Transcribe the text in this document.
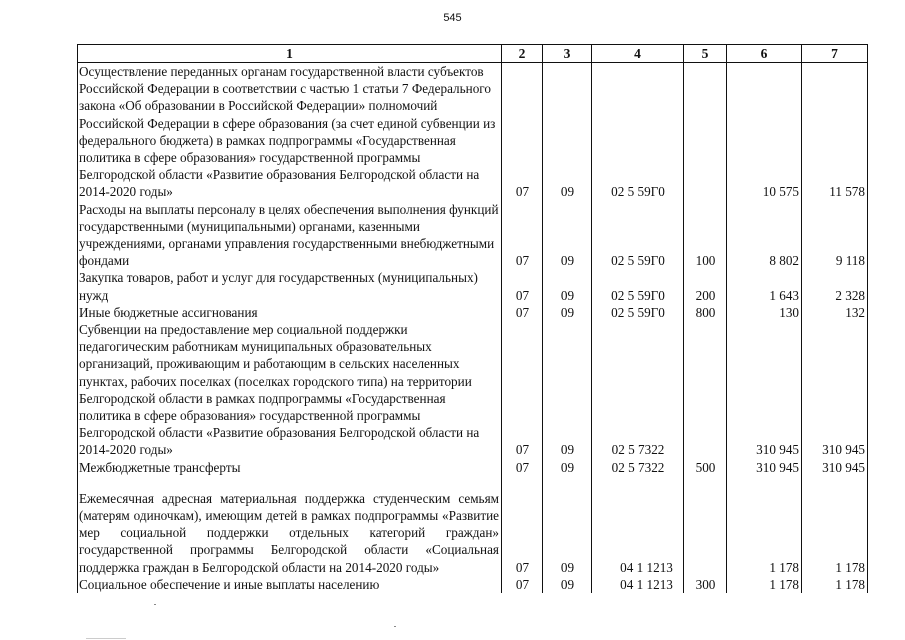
545
1	2	3	4	5	6	7
Осуществление переданных органам государственной власти субъектов Российской Федерации в соответствии с частью 1 статьи 7 Федерального закона «Об образовании в Российской Федерации» полномочий Российской Федерации в сфере образования (за счет единой субвенции из федерального бюджета) в рамках подпрограммы «Государственная политика в сфере образования» государственной программы Белгородской области «Развитие образования Белгородской области на 2014-2020 годы»	07	09	02 5 59Г0		10 575	11 578
Расходы на выплаты персоналу в целях обеспечения выполнения функций государственными (муниципальными) органами, казенными учреждениями, органами управления государственными внебюджетными фондами	07	09	02 5 59Г0	100	8 802	9 118
Закупка товаров, работ и услуг для государственных (муниципальных) нужд	07	09	02 5 59Г0	200	1 643	2 328
Иные бюджетные ассигнования	07	09	02 5 59Г0	800	130	132
Субвенции на предоставление мер социальной поддержки педагогическим работникам муниципальных образовательных организаций, проживающим и работающим в сельских населенных пунктах, рабочих поселках (поселках городского типа) на территории Белгородской области в рамках подпрограммы «Государственная политика в сфере образования» государственной программы Белгородской области «Развитие образования Белгородской области на 2014-2020 годы»	07	09	02 5 7322		310 945	310 945
Межбюджетные трансферты	07	09	02 5 7322	500	310 945	310 945

Ежемесячная адресная материальная поддержка студенческим семьям (матерям одиночкам), имеющим детей в рамках подпрограммы «Развитие мер социальной поддержки отдельных категорий граждан» государственной программы Белгородской области «Социальная поддержка граждан в Белгородской области на 2014-2020 годы»	07	09	04 1 1213		1 178	1 178
Социальное обеспечение и иные выплаты населению	07	09	04 1 1213	300	1 178	1 178
